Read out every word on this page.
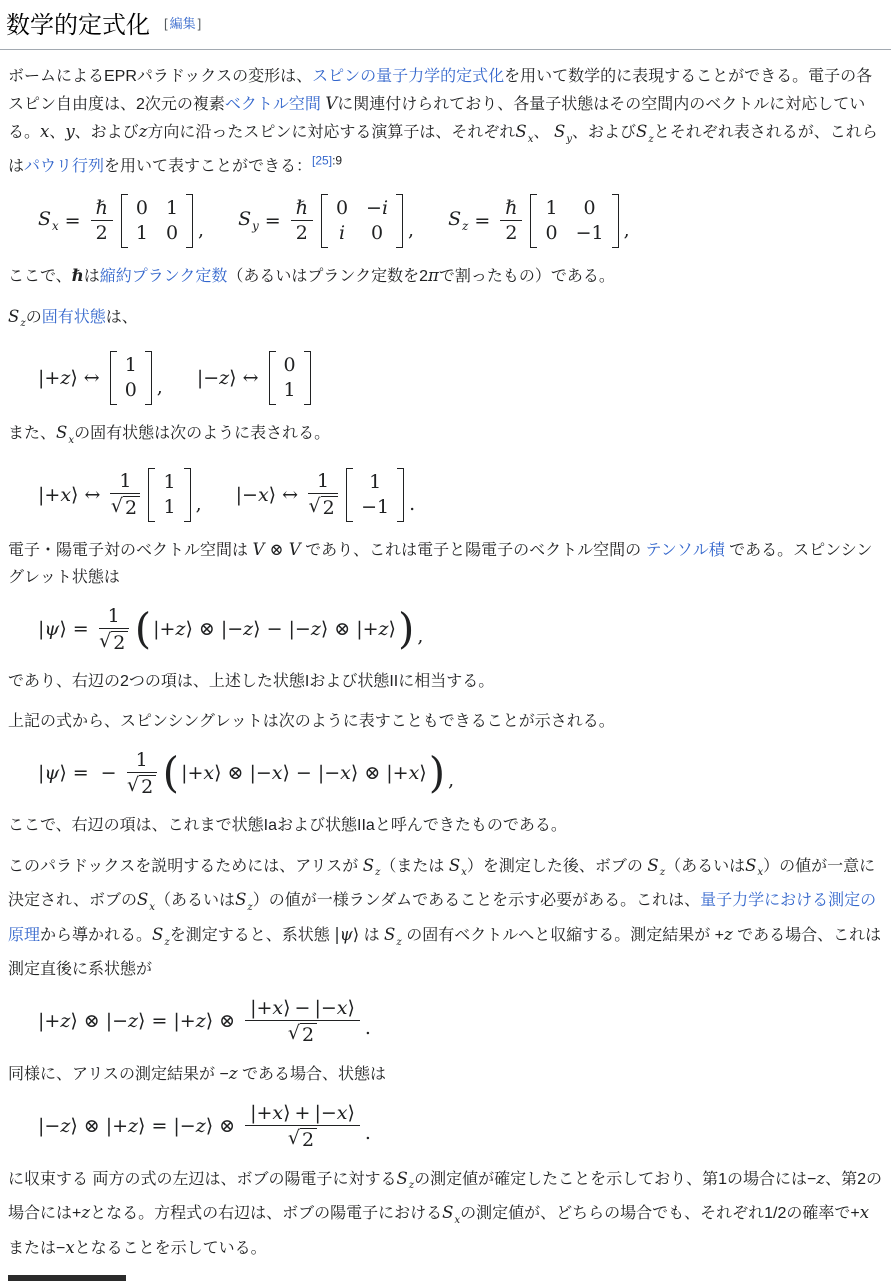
数学的定式化 [ 編集 ]

ボームによるEPRパラドックスの変形は、スピンの量子力学的定式化を用いて数学的に表現することができる。電子の各スピン自由度は、2次元の複素ベクトル空間 Vに関連付けられており、各量子状態はその空間内のベクトルに対応している。x、y、およびz方向に沿ったスピンに対応する演算子は、それぞれ$S_x$、 $S_y$、および$S_z$とそれぞれ表されるが、これらはパウリ行列を用いて表すことができる：$^{[25]:9}$

$S_x = \frac{\text{ℏ}}{2} 0$ 1
1 0 , $S_y = \frac{\text{ℏ}}{2} 0 -i$
i 0 , $S_z = \frac{\text{ℏ}}{2} 1$ 0
0 −1 ,

ここで、ℏは縮約プランク定数（あるいはプランク定数を2πで割ったもの）である。

$S_z$の固有状態は、

|+z⟩ ↔
1
0 , |−z⟩ ↔
0
1

また、$S_x$の固有状態は次のように表される。

|+x⟩ ↔ $\frac{1}{√ 2} 1$
1 , |−x⟩ ↔ $\frac{1}{√ 2} 1$
−1 .

電子・陽電子対のベクトル空間は V ⊗ V であり、これは電子と陽電子のベクトル空間の テンソル積 である。スピンシングレット状態は

|ψ⟩ = $\frac{1}{√ 2}$ ( |+z⟩ ⊗ |−z⟩ − |−z⟩ ⊗ |+z⟩ ) ,

であり、右辺の2つの項は、上述した状態Iおよび状態IIに相当する。

上記の式から、スピンシングレットは次のように表すこともできることが示される。

|ψ⟩ = − $\frac{1}{√ 2}$ ( |+x⟩ ⊗ |−x⟩ − |−x⟩ ⊗ |+x⟩ ) ,

ここで、右辺の項は、これまで状態Iaおよび状態IIaと呼んできたものである。

このパラドックスを説明するためには、アリスが $S_z$（または $S_x$）を測定した後、ボブの $S_z$（あるいは$S_x$）の値が一意に決定され、ボブの$S_x$（あるいは$S_z$）の値が一様ランダムであることを示す必要がある。これは、量子力学における測定の原理から導かれる。$S_z$を測定すると、系状態 |ψ⟩ は $S_z$ の固有ベクトルへと収縮する。測定結果が +z である場合、これは測定直後に系状態が

|+z⟩ ⊗ |−z⟩ = |+z⟩ ⊗ $\frac{|+x⟩ - |-x⟩}{√ 2}$ .

同様に、アリスの測定結果が −z である場合、状態は

|−z⟩ ⊗ |+z⟩ = |−z⟩ ⊗ $\frac{|+x⟩ + |-x⟩}{√ 2}$ .

に収束する 両方の式の左辺は、ボブの陽電子に対する$S_z$の測定値が確定したことを示しており、第1の場合には−z、第2の場合には+zとなる。方程式の右辺は、ボブの陽電子における$S_x$の測定値が、どちらの場合でも、それぞれ1/2の確率で+xまたは−xとなることを示している。
